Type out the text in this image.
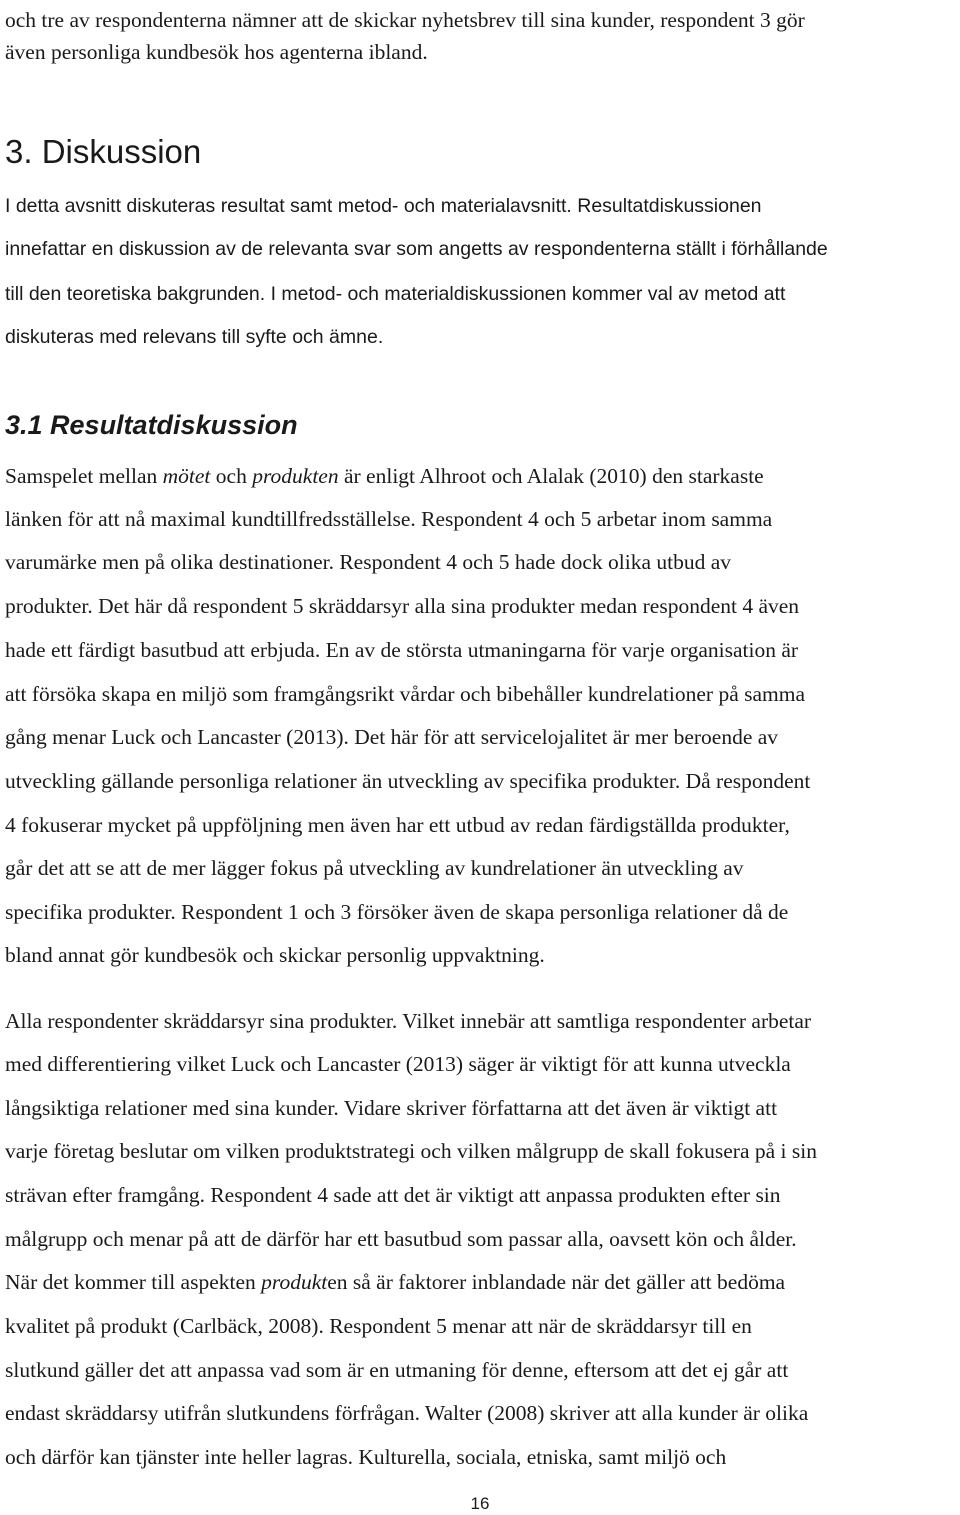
och tre av respondenterna nämner att de skickar nyhetsbrev till sina kunder, respondent 3 gör
även personliga kundbesök hos agenterna ibland.
3. Diskussion
I detta avsnitt diskuteras resultat samt metod- och materialavsnitt. Resultatdiskussionen
innefattar en diskussion av de relevanta svar som angetts av respondenterna ställt i förhållande
till den teoretiska bakgrunden. I metod- och materialdiskussionen kommer val av metod att
diskuteras med relevans till syfte och ämne.
3.1 Resultatdiskussion
Samspelet mellan mötet och produkten är enligt Alhroot och Alalak (2010) den starkaste
länken för att nå maximal kundtillfredsställelse. Respondent 4 och 5 arbetar inom samma
varumärke men på olika destinationer. Respondent 4 och 5 hade dock olika utbud av
produkter. Det här då respondent 5 skräddarsyr alla sina produkter medan respondent 4 även
hade ett färdigt basutbud att erbjuda. En av de största utmaningarna för varje organisation är
att försöka skapa en miljö som framgångsrikt vårdar och bibehåller kundrelationer på samma
gång menar Luck och Lancaster (2013). Det här för att servicelojalitet är mer beroende av
utveckling gällande personliga relationer än utveckling av specifika produkter. Då respondent
4 fokuserar mycket på uppföljning men även har ett utbud av redan färdigställda produkter,
går det att se att de mer lägger fokus på utveckling av kundrelationer än utveckling av
specifika produkter. Respondent 1 och 3 försöker även de skapa personliga relationer då de
bland annat gör kundbesök och skickar personlig uppvaktning.
Alla respondenter skräddarsyr sina produkter. Vilket innebär att samtliga respondenter arbetar
med differentiering vilket Luck och Lancaster (2013) säger är viktigt för att kunna utveckla
långsiktiga relationer med sina kunder. Vidare skriver författarna att det även är viktigt att
varje företag beslutar om vilken produktstrategi och vilken målgrupp de skall fokusera på i sin
strävan efter framgång. Respondent 4 sade att det är viktigt att anpassa produkten efter sin
målgrupp och menar på att de därför har ett basutbud som passar alla, oavsett kön och ålder.
När det kommer till aspekten produkten så är faktorer inblandade när det gäller att bedöma
kvalitet på produkt (Carlbäck, 2008). Respondent 5 menar att när de skräddarsyr till en
slutkund gäller det att anpassa vad som är en utmaning för denne, eftersom att det ej går att
endast skräddarsy utifrån slutkundens förfrågan. Walter (2008) skriver att alla kunder är olika
och därför kan tjänster inte heller lagras. Kulturella, sociala, etniska, samt miljö och
16
